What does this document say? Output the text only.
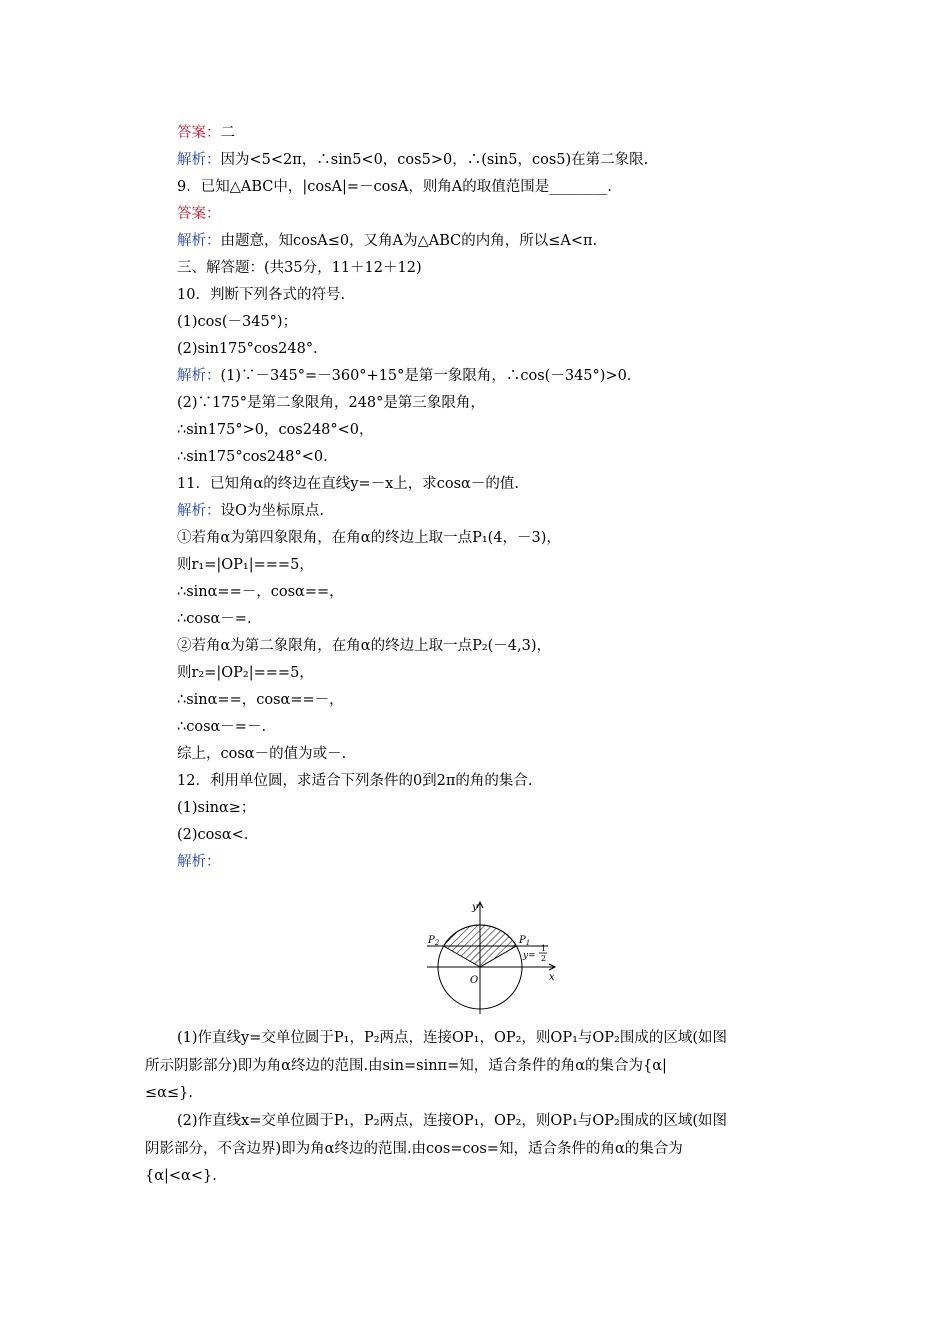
答案：二
解析：因为<5<2π，∴sin5<0，cos5>0，∴(sin5，cos5)在第二象限.
9．已知△ABC中，|cosA|=－cosA，则角A的取值范围是________.
答案：
解析：由题意，知cosA≤0，又角A为△ABC的内角，所以≤A<π.
三、解答题：(共35分，11＋12＋12)
10．判断下列各式的符号.
(1)cos(－345°)；
(2)sin175°cos248°.
解析：(1)∵－345°=－360°+15°是第一象限角，∴cos(－345°)>0.
(2)∵175°是第二象限角，248°是第三象限角，
∴sin175°>0，cos248°<0，
∴sin175°cos248°<0.
11．已知角α的终边在直线y=－x上，求cosα－的值.
解析：设O为坐标原点.
①若角α为第四象限角，在角α的终边上取一点P₁(4，－3)，
则r₁=|OP₁|===5，
∴sinα==－，cosα==，
∴cosα－=.
②若角α为第二象限角，在角α的终边上取一点P₂(－4,3)，
则r₂=|OP₂|===5，
∴sinα==，cosα==－，
∴cosα－=－.
综上，cosα－的值为或－.
12．利用单位圆，求适合下列条件的0到2π的角的集合.
(1)sinα≥；
(2)cosα<.
解析：
y
x
O
$P_2$	$P_1$
y=
1
2

(1)作直线y=交单位圆于P₁，P₂两点，连接OP₁，OP₂，则OP₁与OP₂围成的区域(如图

所示阴影部分)即为角α终边的范围.由sin=sinπ=知，适合条件的角α的集合为{α|

≤α≤}.

(2)作直线x=交单位圆于P₁，P₂两点，连接OP₁，OP₂，则OP₁与OP₂围成的区域(如图

阴影部分，不含边界)即为角α终边的范围.由cos=cos=知，适合条件的角α的集合为

{α|<α<}.
